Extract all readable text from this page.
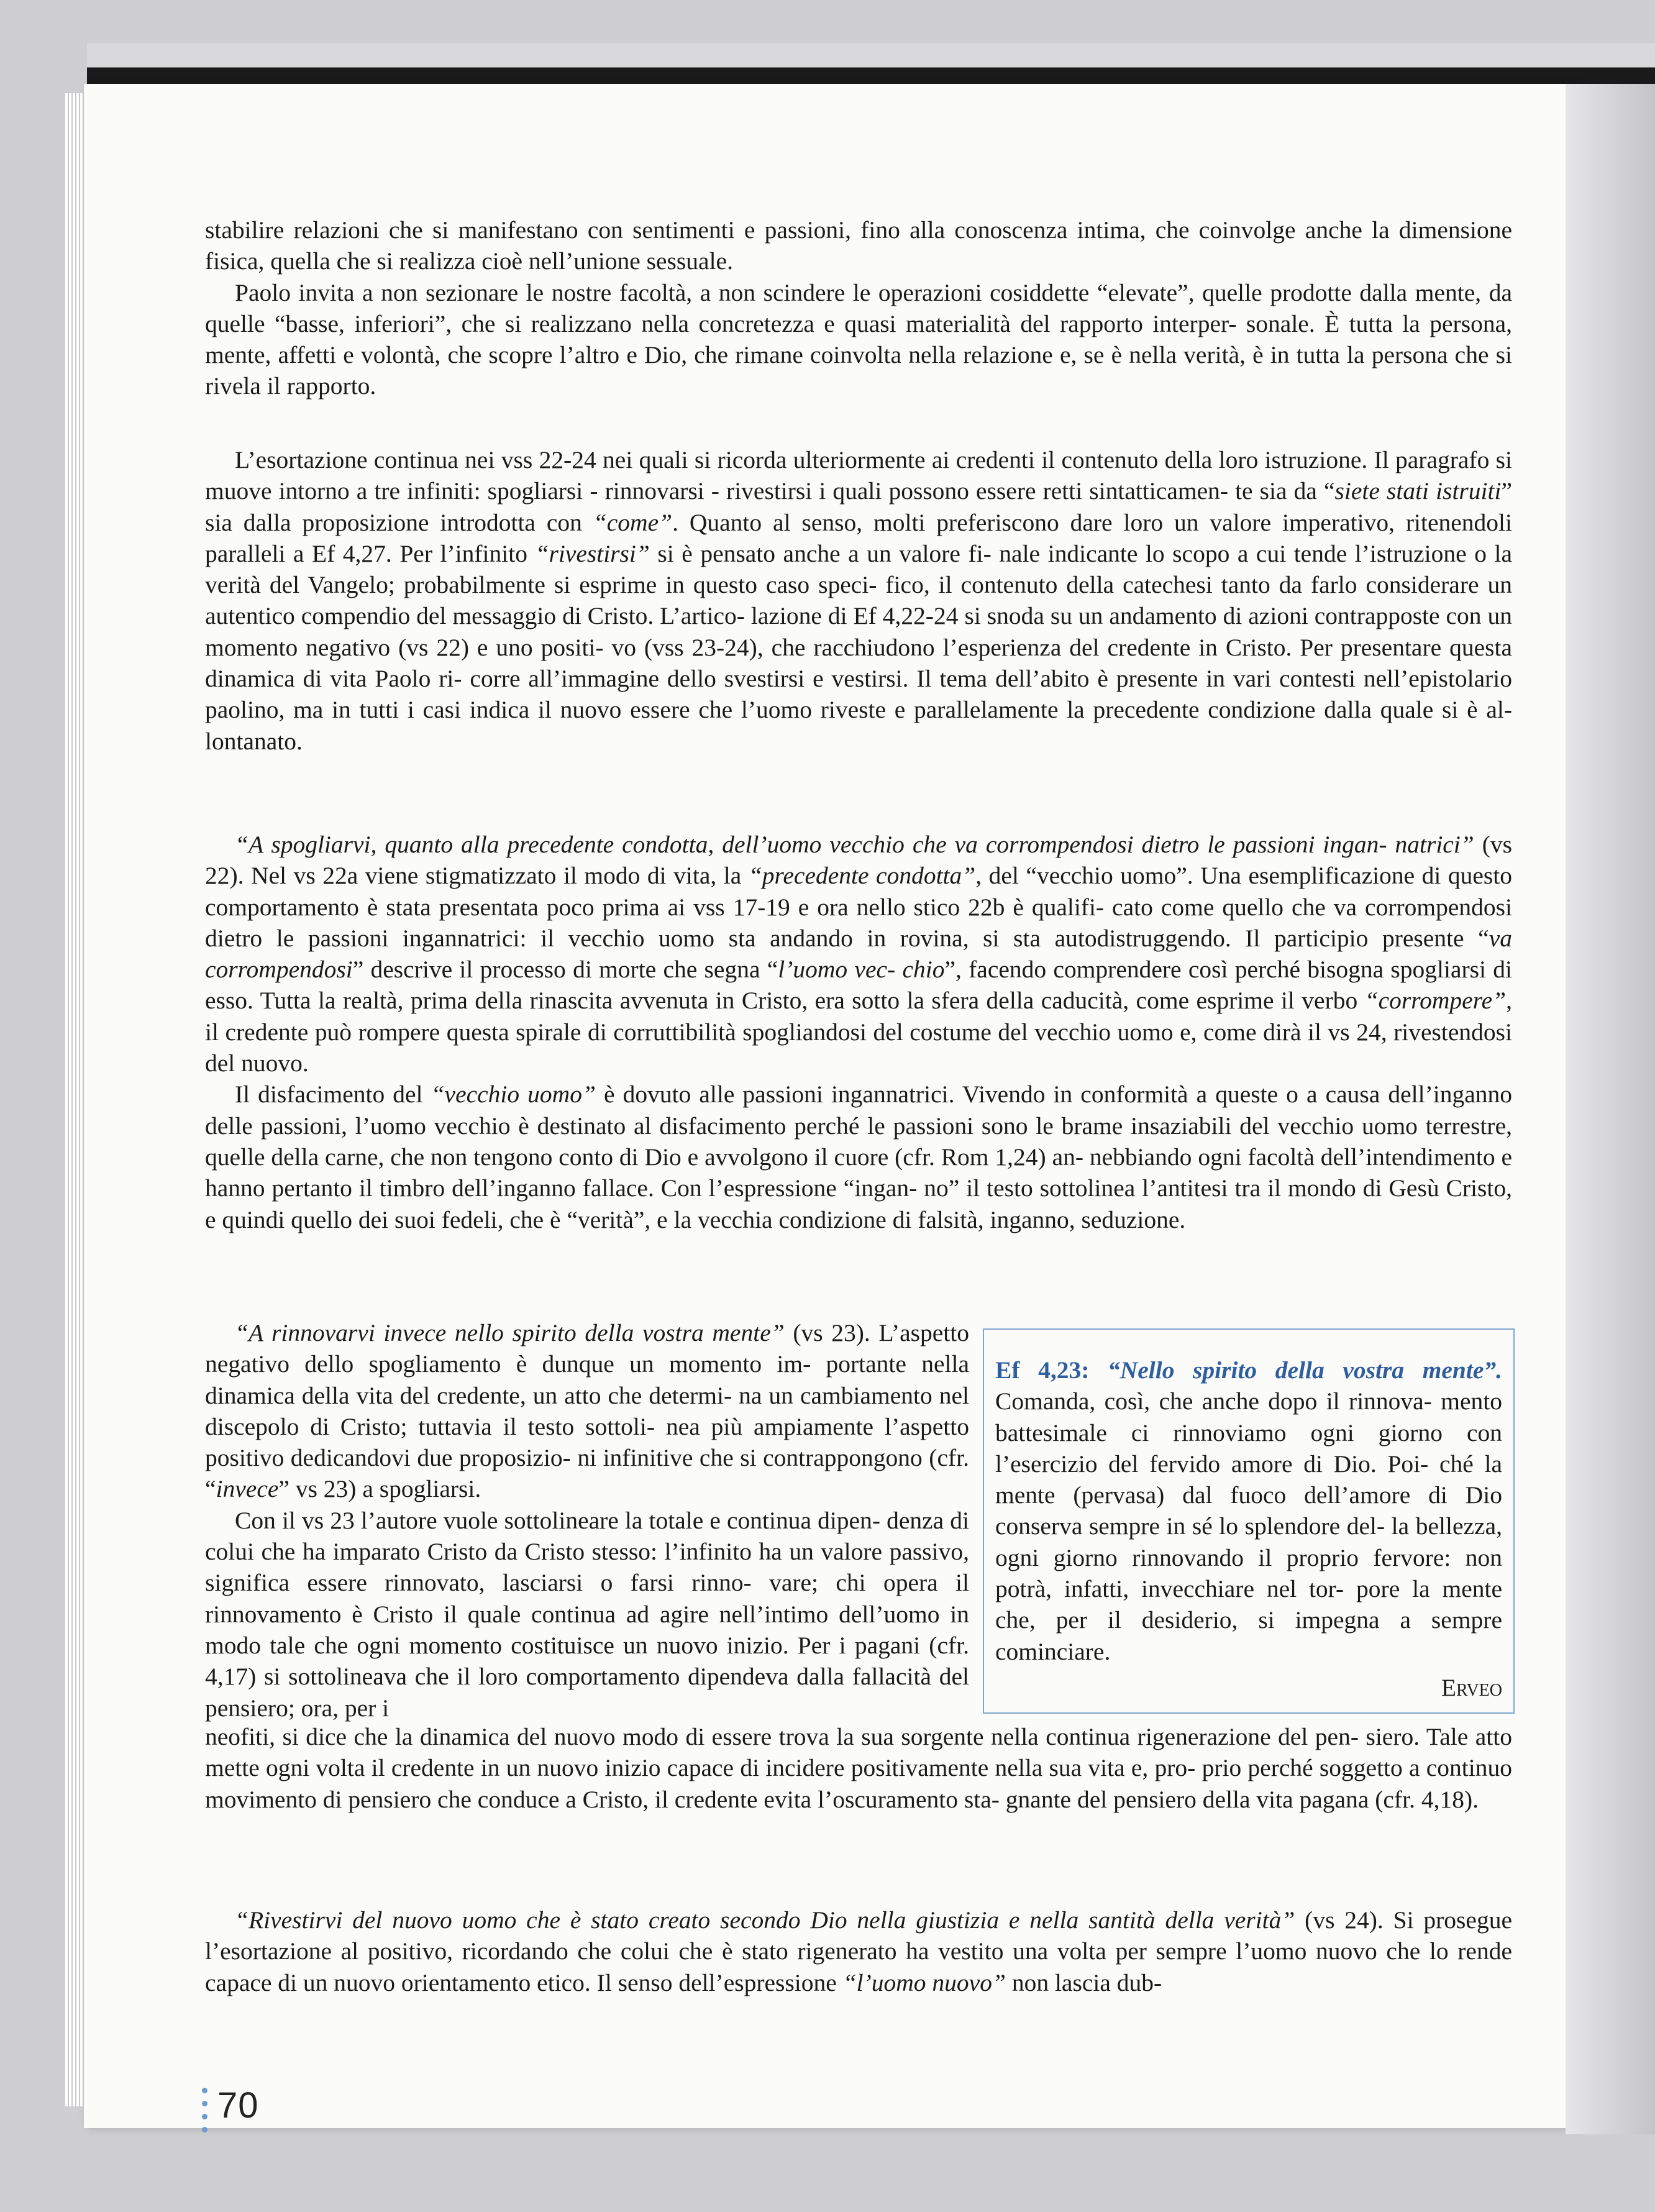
stabilire relazioni che si manifestano con sentimenti e passioni, fino alla conoscenza intima, che coinvolge anche la dimensione fisica, quella che si realizza cioè nell’unione sessuale.

Paolo invita a non sezionare le nostre facoltà, a non scindere le operazioni cosiddette “elevate”, quelle prodotte dalla mente, da quelle “basse, inferiori”, che si realizzano nella concretezza e quasi materialità del rapporto interper- sonale. È tutta la persona, mente, affetti e volontà, che scopre l’altro e Dio, che rimane coinvolta nella relazione e, se è nella verità, è in tutta la persona che si rivela il rapporto.

L’esortazione continua nei vss 22-24 nei quali si ricorda ulteriormente ai credenti il contenuto della loro istruzione. Il paragrafo si muove intorno a tre infiniti: spogliarsi - rinnovarsi - rivestirsi i quali possono essere retti sintatticamen- te sia da “siete stati istruiti” sia dalla proposizione introdotta con “come”. Quanto al senso, molti preferiscono dare loro un valore imperativo, ritenendoli paralleli a Ef 4,27. Per l’infinito “rivestirsi” si è pensato anche a un valore fi- nale indicante lo scopo a cui tende l’istruzione o la verità del Vangelo; probabilmente si esprime in questo caso speci- fico, il contenuto della catechesi tanto da farlo considerare un autentico compendio del messaggio di Cristo. L’artico- lazione di Ef 4,22-24 si snoda su un andamento di azioni contrapposte con un momento negativo (vs 22) e uno positi- vo (vss 23-24), che racchiudono l’esperienza del credente in Cristo. Per presentare questa dinamica di vita Paolo ri- corre all’immagine dello svestirsi e vestirsi. Il tema dell’abito è presente in vari contesti nell’epistolario paolino, ma in tutti i casi indica il nuovo essere che l’uomo riveste e parallelamente la precedente condizione dalla quale si è al- lontanato.

“A spogliarvi, quanto alla precedente condotta, dell’uomo vecchio che va corrompendosi dietro le passioni ingan- natrici” (vs 22). Nel vs 22a viene stigmatizzato il modo di vita, la “precedente condotta”, del “vecchio uomo”. Una esemplificazione di questo comportamento è stata presentata poco prima ai vss 17-19 e ora nello stico 22b è qualifi- cato come quello che va corrompendosi dietro le passioni ingannatrici: il vecchio uomo sta andando in rovina, si sta autodistruggendo. Il participio presente “va corrompendosi” descrive il processo di morte che segna “l’uomo vec- chio”, facendo comprendere così perché bisogna spogliarsi di esso. Tutta la realtà, prima della rinascita avvenuta in Cristo, era sotto la sfera della caducità, come esprime il verbo “corrompere”, il credente può rompere questa spirale di corruttibilità spogliandosi del costume del vecchio uomo e, come dirà il vs 24, rivestendosi del nuovo.

Il disfacimento del “vecchio uomo” è dovuto alle passioni ingannatrici. Vivendo in conformità a queste o a causa dell’inganno delle passioni, l’uomo vecchio è destinato al disfacimento perché le passioni sono le brame insaziabili del vecchio uomo terrestre, quelle della carne, che non tengono conto di Dio e avvolgono il cuore (cfr. Rom 1,24) an- nebbiando ogni facoltà dell’intendimento e hanno pertanto il timbro dell’inganno fallace. Con l’espressione “ingan- no” il testo sottolinea l’antitesi tra il mondo di Gesù Cristo, e quindi quello dei suoi fedeli, che è “verità”, e la vecchia condizione di falsità, inganno, seduzione.

“A rinnovarvi invece nello spirito della vostra mente” (vs 23). L’aspetto negativo dello spogliamento è dunque un momento im- portante nella dinamica della vita del credente, un atto che determi- na un cambiamento nel discepolo di Cristo; tuttavia il testo sottoli- nea più ampiamente l’aspetto positivo dedicandovi due proposizio- ni infinitive che si contrappongono (cfr. “invece” vs 23) a spogliarsi.

Con il vs 23 l’autore vuole sottolineare la totale e continua dipen- denza di colui che ha imparato Cristo da Cristo stesso: l’infinito ha un valore passivo, significa essere rinnovato, lasciarsi o farsi rinno- vare; chi opera il rinnovamento è Cristo il quale continua ad agire nell’intimo dell’uomo in modo tale che ogni momento costituisce un nuovo inizio. Per i pagani (cfr. 4,17) si sottolineava che il loro comportamento dipendeva dalla fallacità del pensiero; ora, per i

neofiti, si dice che la dinamica del nuovo modo di essere trova la sua sorgente nella continua rigenerazione del pen- siero. Tale atto mette ogni volta il credente in un nuovo inizio capace di incidere positivamente nella sua vita e, pro- prio perché soggetto a continuo movimento di pensiero che conduce a Cristo, il credente evita l’oscuramento sta- gnante del pensiero della vita pagana (cfr. 4,18).

“Rivestirvi del nuovo uomo che è stato creato secondo Dio nella giustizia e nella santità della verità” (vs 24). Si prosegue l’esortazione al positivo, ricordando che colui che è stato rigenerato ha vestito una volta per sempre l’uomo nuovo che lo rende capace di un nuovo orientamento etico. Il senso dell’espressione “l’uomo nuovo” non lascia dub-

Ef 4,23: “Nello spirito della vostra mente”. Comanda, così, che anche dopo il rinnova- mento battesimale ci rinnoviamo ogni giorno con l’esercizio del fervido amore di Dio. Poi- ché la mente (pervasa) dal fuoco dell’amore di Dio conserva sempre in sé lo splendore del- la bellezza, ogni giorno rinnovando il proprio fervore: non potrà, infatti, invecchiare nel tor- pore la mente che, per il desiderio, si impegna a sempre cominciare.
Erveo
70
